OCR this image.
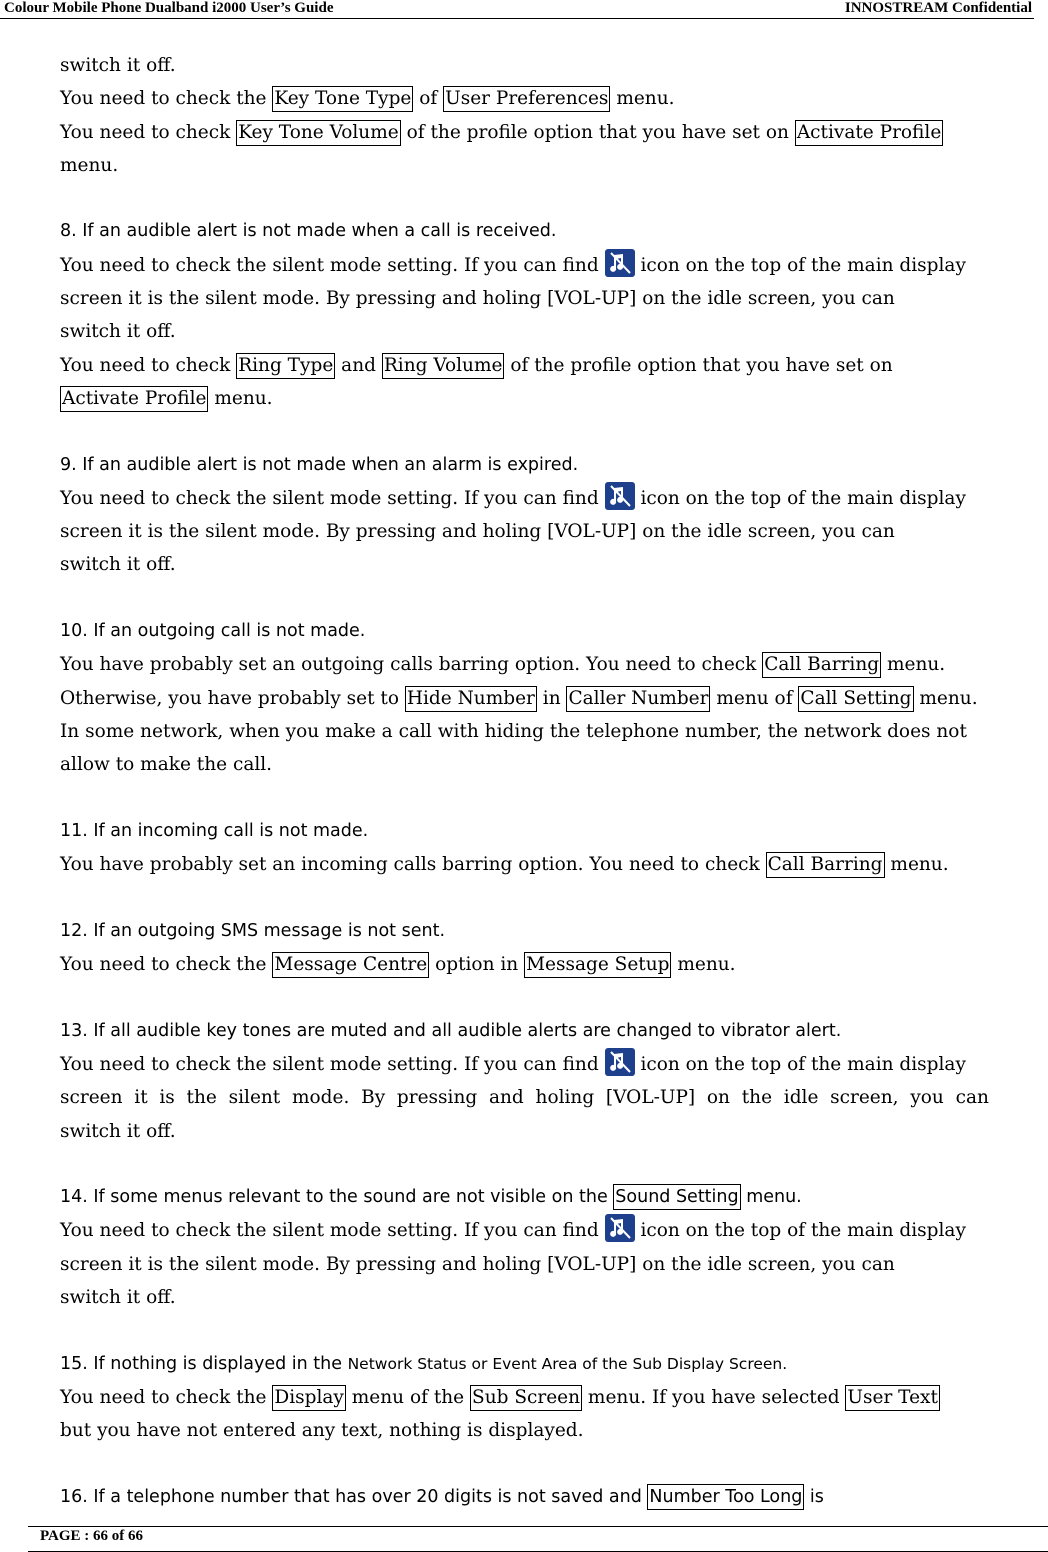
Colour Mobile Phone Dualband i2000 User’s Guide	INNOSTREAM Confidential
switch it off.
You need to check the Key Tone Type of User Preferences menu.
You need to check Key Tone Volume of the profile option that you have set on Activate Profile
menu.
8. If an audible alert is not made when a call is received.
You need to check the silent mode setting. If you can find
icon on the top of the main display
screen it is the silent mode. By pressing and holing [VOL-UP] on the idle screen, you can
switch it off.
You need to check Ring Type and Ring Volume of the profile option that you have set on
Activate Profile menu.
9. If an audible alert is not made when an alarm is expired.
You need to check the silent mode setting. If you can find
icon on the top of the main display
screen it is the silent mode. By pressing and holing [VOL-UP] on the idle screen, you can
switch it off.
10. If an outgoing call is not made.
You have probably set an outgoing calls barring option. You need to check Call Barring menu.
Otherwise, you have probably set to Hide Number in Caller Number menu of Call Setting menu.
In some network, when you make a call with hiding the telephone number, the network does not
allow to make the call.
11. If an incoming call is not made.
You have probably set an incoming calls barring option. You need to check Call Barring menu.
12. If an outgoing SMS message is not sent.
You need to check the Message Centre option in Message Setup menu.
13. If all audible key tones are muted and all audible alerts are changed to vibrator alert.
You need to check the silent mode setting. If you can find
icon on the top of the main display
screen  it  is  the  silent  mode.  By  pressing  and  holing  [VOL-UP]  on  the  idle  screen,  you  can
switch it off.
14. If some menus relevant to the sound are not visible on the Sound Setting menu.
You need to check the silent mode setting. If you can find
icon on the top of the main display
screen it is the silent mode. By pressing and holing [VOL-UP] on the idle screen, you can
switch it off.
15. If nothing is displayed in the Network Status or Event Area of the Sub Display Screen.
You need to check the Display menu of the Sub Screen menu. If you have selected User Text
but you have not entered any text, nothing is displayed.
16. If a telephone number that has over 20 digits is not saved and Number Too Long is
PAGE : 66 of 66
